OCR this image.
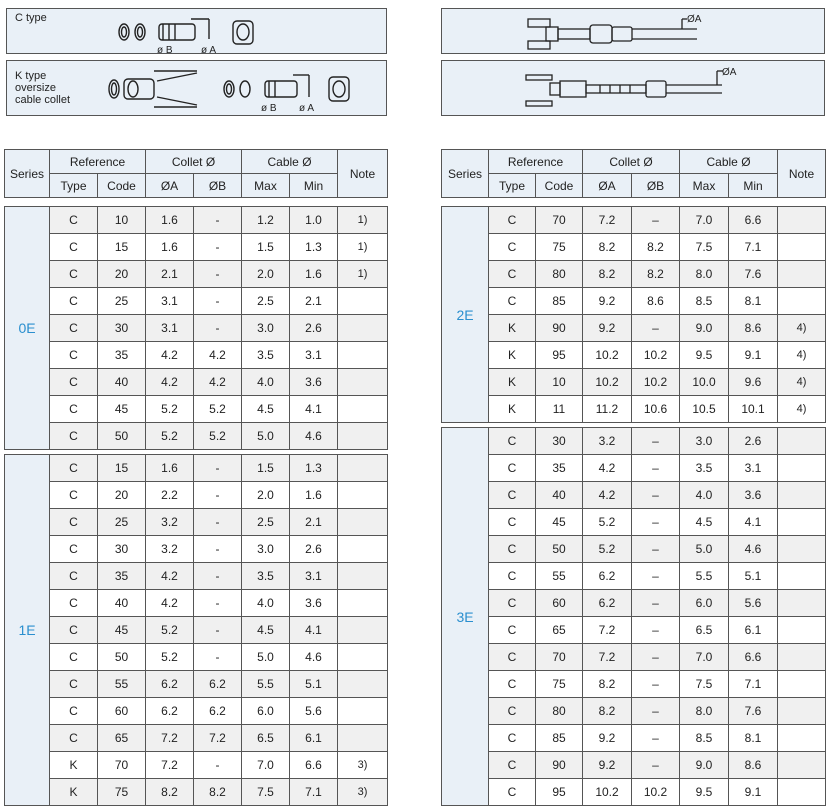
C type
ø B	ø A
K type
oversize
cable collet
ø B ø A
ØA
ØA
Series	Reference		Collet Ø		Cable Ø		Note
	Type	Code	ØA	ØB	Max	Min	

0E	C	10	1.6	-	1.2	1.0	1)
	C	15	1.6	-	1.5	1.3	1)
	C	20	2.1	-	2.0	1.6	1)
	C	25	3.1	-	2.5	2.1	
	C	30	3.1	-	3.0	2.6	
	C	35	4.2	4.2	3.5	3.1	
	C	40	4.2	4.2	4.0	3.6	
	C	45	5.2	5.2	4.5	4.1	
	C	50	5.2	5.2	5.0	4.6	

1E	C	15	1.6	-	1.5	1.3	
	C	20	2.2	-	2.0	1.6	
	C	25	3.2	-	2.5	2.1	
	C	30	3.2	-	3.0	2.6	
	C	35	4.2	-	3.5	3.1	
	C	40	4.2	-	4.0	3.6	
	C	45	5.2	-	4.5	4.1	
	C	50	5.2	-	5.0	4.6	
	C	55	6.2	6.2	5.5	5.1	
	C	60	6.2	6.2	6.0	5.6	
	C	65	7.2	7.2	6.5	6.1	
	K	70	7.2	-	7.0	6.6	3)
	K	75	8.2	8.2	7.5	7.1	3)
Series	Reference		Collet Ø		Cable Ø		Note
	Type	Code	ØA	ØB	Max	Min	

2E	C	70	7.2	–	7.0	6.6	
	C	75	8.2	8.2	7.5	7.1	
	C	80	8.2	8.2	8.0	7.6	
	C	85	9.2	8.6	8.5	8.1	
	K	90	9.2	–	9.0	8.6	4)
	K	95	10.2	10.2	9.5	9.1	4)
	K	10	10.2	10.2	10.0	9.6	4)
	K	11	11.2	10.6	10.5	10.1	4)

3E	C	30	3.2	–	3.0	2.6	
	C	35	4.2	–	3.5	3.1	
	C	40	4.2	–	4.0	3.6	
	C	45	5.2	–	4.5	4.1	
	C	50	5.2	–	5.0	4.6	
	C	55	6.2	–	5.5	5.1	
	C	60	6.2	–	6.0	5.6	
	C	65	7.2	–	6.5	6.1	
	C	70	7.2	–	7.0	6.6	
	C	75	8.2	–	7.5	7.1	
	C	80	8.2	–	8.0	7.6	
	C	85	9.2	–	8.5	8.1	
	C	90	9.2	–	9.0	8.6	
	C	95	10.2	10.2	9.5	9.1	
